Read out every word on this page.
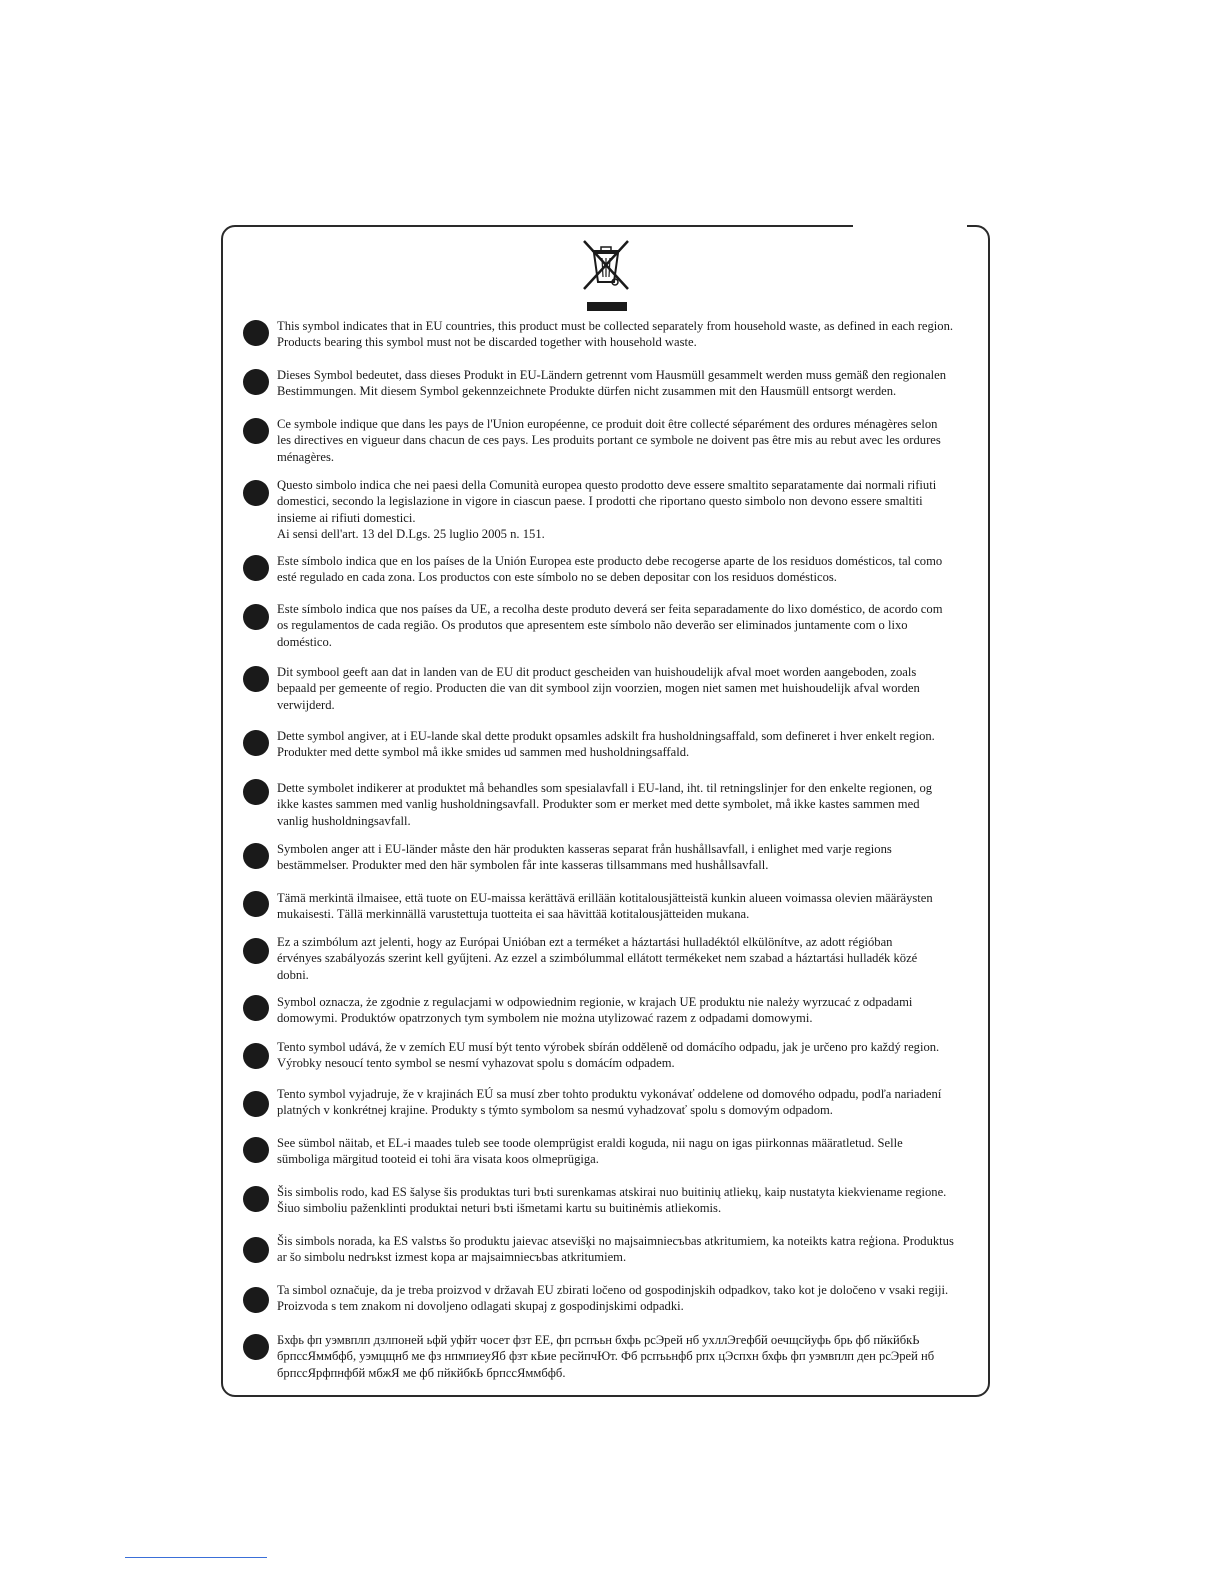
This symbol indicates that in EU countries, this product must be collected separately from household waste, as defined in each region.
Products bearing this symbol must not be discarded together with household waste.
Dieses Symbol bedeutet, dass dieses Produkt in EU-Ländern getrennt vom Hausmüll gesammelt werden muss gemäß den regionalen
Bestimmungen. Mit diesem Symbol gekennzeichnete Produkte dürfen nicht zusammen mit den Hausmüll entsorgt werden.
Ce symbole indique que dans les pays de l'Union européenne, ce produit doit être collecté séparément des ordures ménagères selon
les directives en vigueur dans chacun de ces pays. Les produits portant ce symbole ne doivent pas être mis au rebut avec les ordures
ménagères.
Questo simbolo indica che nei paesi della Comunità europea questo prodotto deve essere smaltito separatamente dai normali rifiuti
domestici, secondo la legislazione in vigore in ciascun paese. I prodotti che riportano questo simbolo non devono essere smaltiti
insieme ai rifiuti domestici.
Ai sensi dell'art. 13 del D.Lgs. 25 luglio 2005 n. 151.
Este símbolo indica que en los países de la Unión Europea este producto debe recogerse aparte de los residuos domésticos, tal como
esté regulado en cada zona. Los productos con este símbolo no se deben depositar con los residuos domésticos.
Este símbolo indica que nos países da UE, a recolha deste produto deverá ser feita separadamente do lixo doméstico, de acordo com
os regulamentos de cada região. Os produtos que apresentem este símbolo não deverão ser eliminados juntamente com o lixo
doméstico.
Dit symbool geeft aan dat in landen van de EU dit product gescheiden van huishoudelijk afval moet worden aangeboden, zoals
bepaald per gemeente of regio. Producten die van dit symbool zijn voorzien, mogen niet samen met huishoudelijk afval worden
verwijderd.
Dette symbol angiver, at i EU-lande skal dette produkt opsamles adskilt fra husholdningsaffald, som defineret i hver enkelt region.
Produkter med dette symbol må ikke smides ud sammen med husholdningsaffald.
Dette symbolet indikerer at produktet må behandles som spesialavfall i EU-land, iht. til retningslinjer for den enkelte regionen, og
ikke kastes sammen med vanlig husholdningsavfall. Produkter som er merket med dette symbolet, må ikke kastes sammen med
vanlig husholdningsavfall.
Symbolen anger att i EU-länder måste den här produkten kasseras separat från hushållsavfall, i enlighet med varje regions
bestämmelser. Produkter med den här symbolen får inte kasseras tillsammans med hushållsavfall.
Tämä merkintä ilmaisee, että tuote on EU-maissa kerättävä erillään kotitalousjätteistä kunkin alueen voimassa olevien määräysten
mukaisesti. Tällä merkinnällä varustettuja tuotteita ei saa hävittää kotitalousjätteiden mukana.
Ez a szimbólum azt jelenti, hogy az Európai Unióban ezt a terméket a háztartási hulladéktól elkülönítve, az adott régióban
érvényes szabályozás szerint kell gyűjteni. Az ezzel a szimbólummal ellátott termékeket nem szabad a háztartási hulladék közé
dobni.
Symbol oznacza, że zgodnie z regulacjami w odpowiednim regionie, w krajach UE produktu nie należy wyrzucać z odpadami
domowymi. Produktów opatrzonych tym symbolem nie można utylizować razem z odpadami domowymi.
Tento symbol udává, že v zemích EU musí být tento výrobek sbírán odděleně od domácího odpadu, jak je určeno pro každý region.
Výrobky nesoucí tento symbol se nesmí vyhazovat spolu s domácím odpadem.
Tento symbol vyjadruje, že v krajinách EÚ sa musí zber tohto produktu vykonávať oddelene od domového odpadu, podľa nariadení
platných v konkrétnej krajine. Produkty s týmto symbolom sa nesmú vyhadzovať spolu s domovým odpadom.
See sümbol näitab, et EL-i maades tuleb see toode olemprügist eraldi koguda, nii nagu on igas piirkonnas määratletud. Selle
sümboliga märgitud tooteid ei tohi ära visata koos olmeprügiga.
Šis simbolis rodo, kad ES šalyse šis produktas turi bъti surenkamas atskirai nuo buitinių atliekų, kaip nustatyta kiekviename regione.
Šiuo simboliu paženklinti produktai neturi bъti išmetami kartu su buitinėmis atliekomis.
Šis simbols norada, ka ES valstъs šo produktu jaievac atsevišķi no majsaimniecъbas atkritumiem, ka noteikts katra reģiona. Produktus
ar šo simbolu nedrъkst izmest kopa ar majsaimniecъbas atkritumiem.
Ta simbol označuje, da je treba proizvod v državah EU zbirati ločeno od gospodinjskih odpadkov, tako kot je določeno v vsaki regiji.
Proizvoda s tem znakom ni dovoljeno odlagati skupaj z gospodinjskimi odpadki.
Бхфь фп уэмвплп дзлпоней ьфй уфйт чосет фзт ЕЕ, фп рспъьн бхфь рсЭрей нб ухллЭгефбй оечщсйуфь брь фб пйкйбкЬ
брпссЯммбфб, уэмцщнб ме фз нпмпиеуЯб фзт кЬие ресйпчЮт. Фб рспъьнфб рпх цЭспхн бхфь фп уэмвплп ден рсЭрей нб
брпссЯрфпнфбй мбжЯ ме фб пйкйбкЬ брпссЯммбфб.
